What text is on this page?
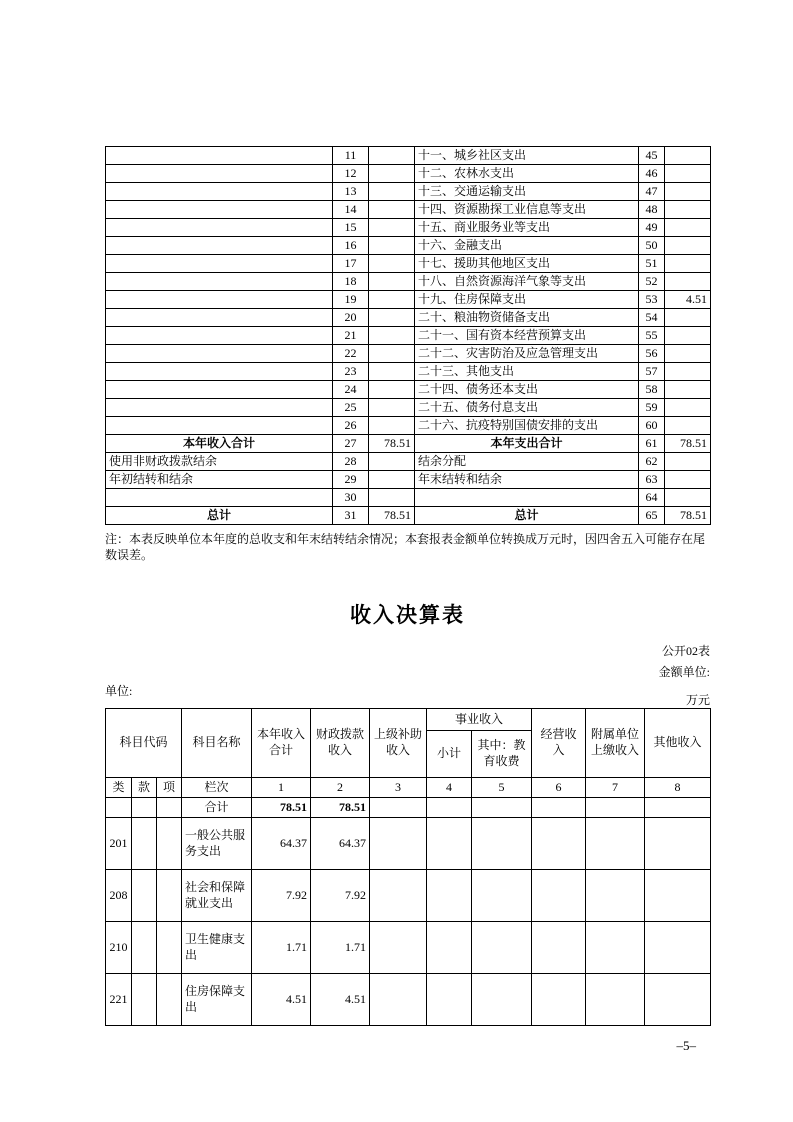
	11		十一、城乡社区支出	45	
	12		十二、农林水支出	46	
	13		十三、交通运输支出	47	
	14		十四、资源勘探工业信息等支出	48	
	15		十五、商业服务业等支出	49	
	16		十六、金融支出	50	
	17		十七、援助其他地区支出	51	
	18		十八、自然资源海洋气象等支出	52	
	19		十九、住房保障支出	53	4.51
	20		二十、粮油物资储备支出	54	
	21		二十一、国有资本经营预算支出	55	
	22		二十二、灾害防治及应急管理支出	56	
	23		二十三、其他支出	57	
	24		二十四、债务还本支出	58	
	25		二十五、债务付息支出	59	
	26		二十六、抗疫特别国债安排的支出	60	
本年收入合计	27	78.51	本年支出合计	61	78.51
使用非财政拨款结余	28		结余分配	62	
年初结转和结余	29		年末结转和结余	63	
	30			64	
总计	31	78.51	总计	65	78.51
注：本表反映单位本年度的总收支和年末结转结余情况；本套报表金额单位转换成万元时，因四舍五入可能存在尾数误差。
收入决算表
公开02表
金额单位:
单位:
万元
科目代码			科目名称	本年收入合计	财政拨款收入	上级补助收入	事业收入		经营收入	附属单位上缴收入	其他收入
							小计	其中：教育收费			
类	款	项	栏次	1	2	3	4	5	6	7	8
			合计	78.51	78.51						
201			一般公共服务支出	64.37	64.37						
208			社会和保障就业支出	7.92	7.92						
210			卫生健康支出	1.71	1.71						
221			住房保障支出	4.51	4.51						
–5–
